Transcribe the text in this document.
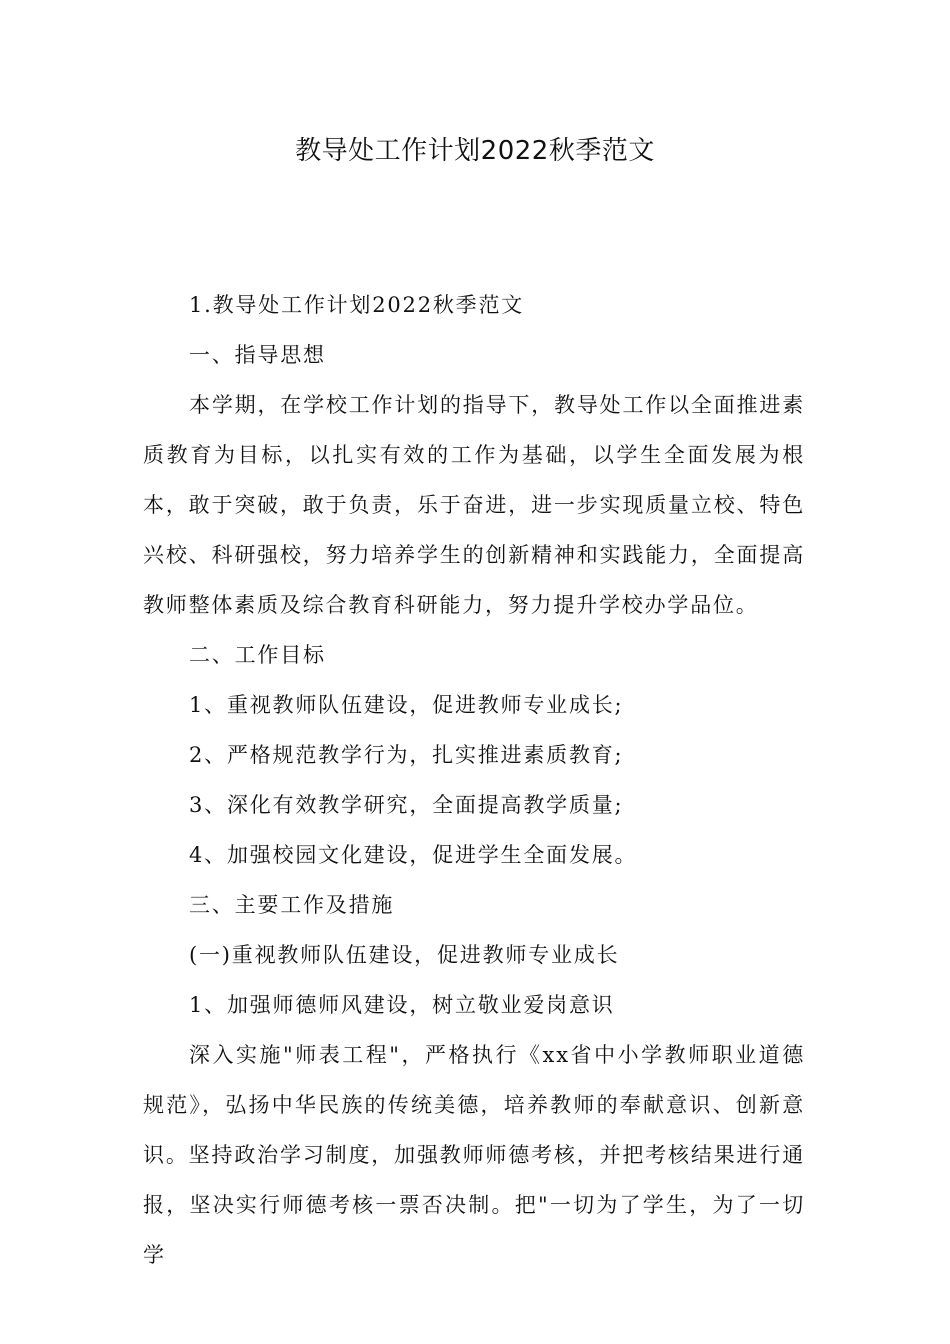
教导处工作计划2022秋季范文

1.教导处工作计划2022秋季范文

一、指导思想

本学期，在学校工作计划的指导下，教导处工作以全面推进素质教育为目标，以扎实有效的工作为基础，以学生全面发展为根本，敢于突破，敢于负责，乐于奋进，进一步实现质量立校、特色兴校、科研强校，努力培养学生的创新精神和实践能力，全面提高教师整体素质及综合教育科研能力，努力提升学校办学品位。

二、工作目标

1、重视教师队伍建设，促进教师专业成长;

2、严格规范教学行为，扎实推进素质教育;

3、深化有效教学研究，全面提高教学质量;

4、加强校园文化建设，促进学生全面发展。

三、主要工作及措施

(一)重视教师队伍建设，促进教师专业成长

1、加强师德师风建设，树立敬业爱岗意识

深入实施"师表工程"，严格执行《xx省中小学教师职业道德规范》，弘扬中华民族的传统美德，培养教师的奉献意识、创新意识。坚持政治学习制度，加强教师师德考核，并把考核结果进行通报，坚决实行师德考核一票否决制。把"一切为了学生，为了一切学
